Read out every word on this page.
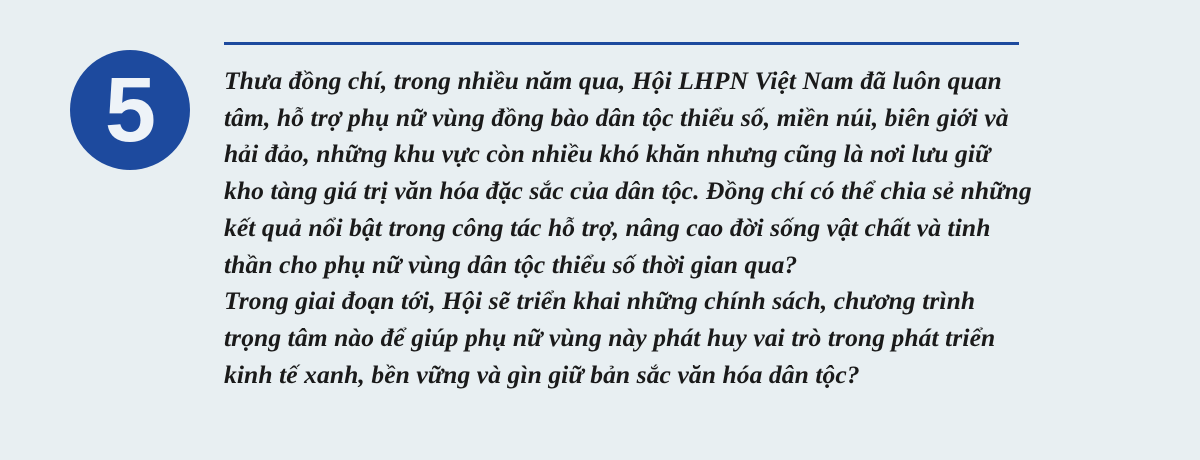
5	Thưa đồng chí, trong nhiều năm qua, Hội LHPN Việt Nam đã luôn quan tâm, hỗ trợ phụ nữ vùng đồng bào dân tộc thiểu số, miền núi, biên giới và hải đảo, những khu vực còn nhiều khó khăn nhưng cũng là nơi lưu giữ kho tàng giá trị văn hóa đặc sắc của dân tộc. Đồng chí có thể chia sẻ những kết quả nổi bật trong công tác hỗ trợ, nâng cao đời sống vật chất và tinh thần cho phụ nữ vùng dân tộc thiểu số thời gian qua?

Trong giai đoạn tới, Hội sẽ triển khai những chính sách, chương trình trọng tâm nào để giúp phụ nữ vùng này phát huy vai trò trong phát triển kinh tế xanh, bền vững và gìn giữ bản sắc văn hóa dân tộc?
